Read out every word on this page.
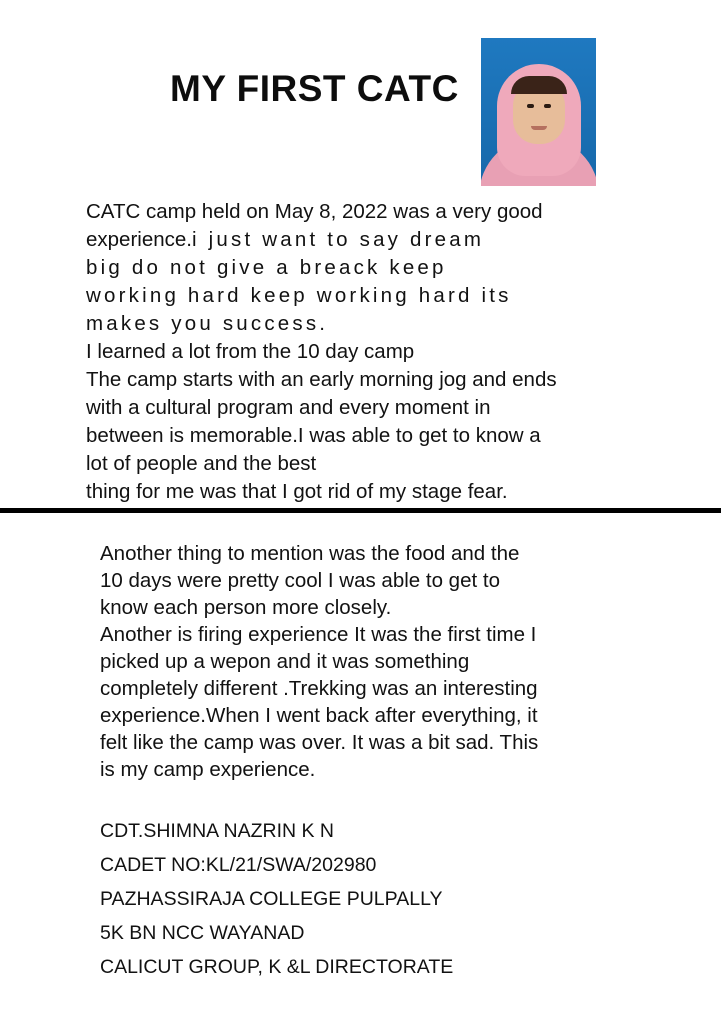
MY FIRST CATC

CATC camp held on May 8, 2022 was a very good

experience.i just want to say dream

big do not give a breack keep

working hard keep working hard its

makes you success.

I learned a lot from the 10 day camp

The camp starts with an early morning jog and ends

with a cultural program and every moment in

between is memorable.I was able to get to know a

lot of people and the best

thing for me was that I got rid of my stage fear.

Another thing to mention was the food and the

10 days were pretty cool I was able to get to

know each person more closely.

Another is firing experience It was the first time I

picked up a wepon and it was something

completely different .Trekking was an interesting

experience.When I went back after everything, it

felt like the camp was over. It was a bit sad. This

is my camp experience.

CDT.SHIMNA NAZRIN K N

CADET NO:KL/21/SWA/202980

PAZHASSIRAJA COLLEGE PULPALLY

5K BN NCC WAYANAD

CALICUT GROUP, K &L DIRECTORATE
